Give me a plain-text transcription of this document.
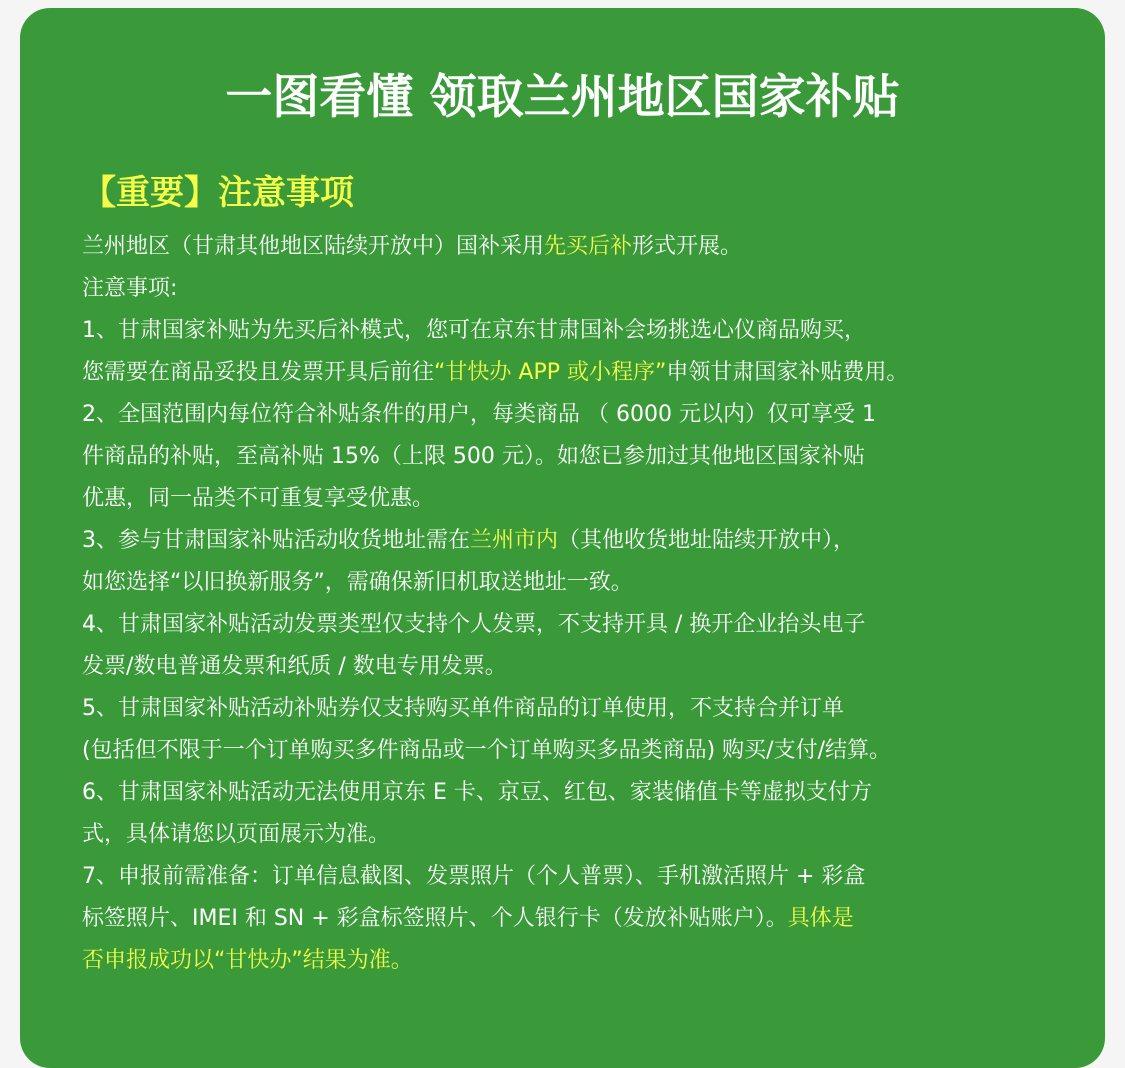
一图看懂 领取兰州地区国家补贴
【重要】注意事项
兰州地区（甘肃其他地区陆续开放中）国补采用先买后补形式开展。
注意事项:
1、甘肃国家补贴为先买后补模式，您可在京东甘肃国补会场挑选心仪商品购买，
您需要在商品妥投且发票开具后前往“甘快办 APP 或小程序”申领甘肃国家补贴费用。
2、全国范围内每位符合补贴条件的用户，每类商品 （ 6000 元以内）仅可享受 1
件商品的补贴，至高补贴 15%（上限 500 元）。如您已参加过其他地区国家补贴
优惠，同一品类不可重复享受优惠。
3、参与甘肃国家补贴活动收货地址需在兰州市内（其他收货地址陆续开放中），
如您选择“以旧换新服务”，需确保新旧机取送地址一致。
4、甘肃国家补贴活动发票类型仅支持个人发票，不支持开具 / 换开企业抬头电子
发票/数电普通发票和纸质 / 数电专用发票。
5、甘肃国家补贴活动补贴券仅支持购买单件商品的订单使用，不支持合并订单
(包括但不限于一个订单购买多件商品或一个订单购买多品类商品) 购买/支付/结算。
6、甘肃国家补贴活动无法使用京东 E 卡、京豆、红包、家装储值卡等虚拟支付方
式，具体请您以页面展示为准。
7、申报前需准备：订单信息截图、发票照片（个人普票）、手机激活照片 + 彩盒
标签照片、IMEI 和 SN + 彩盒标签照片、个人银行卡（发放补贴账户）。具体是
否申报成功以“甘快办”结果为准。
